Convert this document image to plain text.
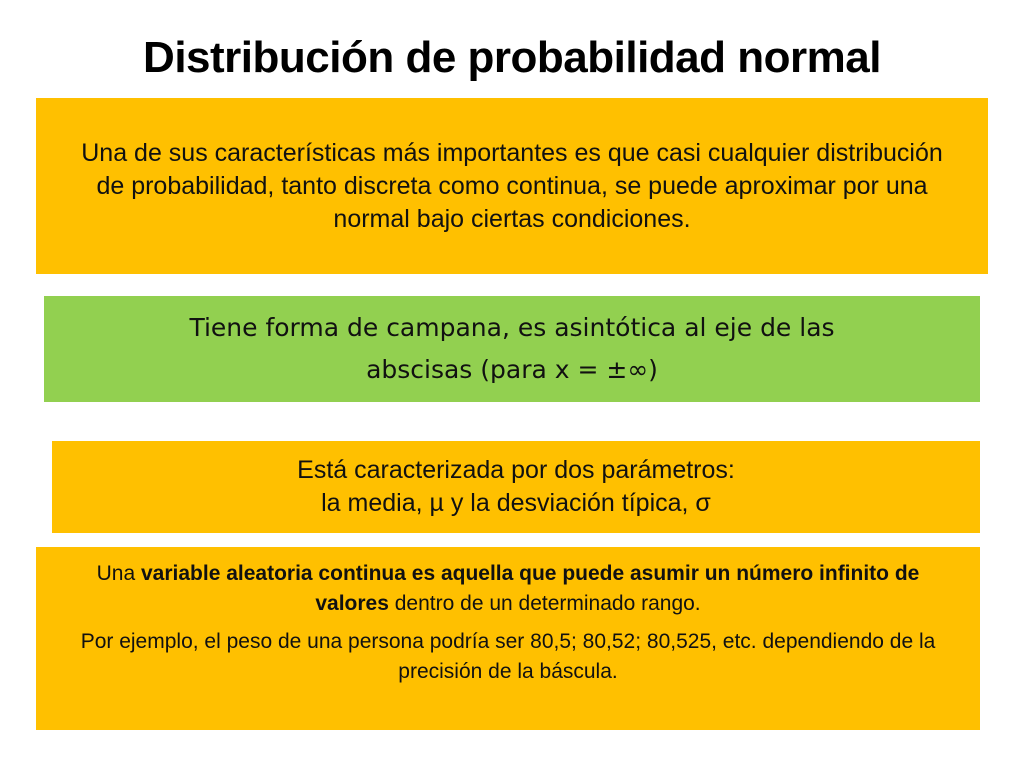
Distribución de probabilidad normal
Una de sus características más importantes es que casi cualquier distribución de probabilidad, tanto discreta como continua, se puede aproximar por una normal bajo ciertas condiciones.
Tiene forma de campana, es asintótica al eje de las
abscisas (para x = ±∞)
Está caracterizada por dos parámetros:
la media, µ y la desviación típica, σ

Una variable aleatoria continua es aquella que puede asumir un número infinito de valores dentro de un determinado rango.

Por ejemplo, el peso de una persona podría ser 80,5; 80,52; 80,525, etc. dependiendo de la precisión de la báscula.
